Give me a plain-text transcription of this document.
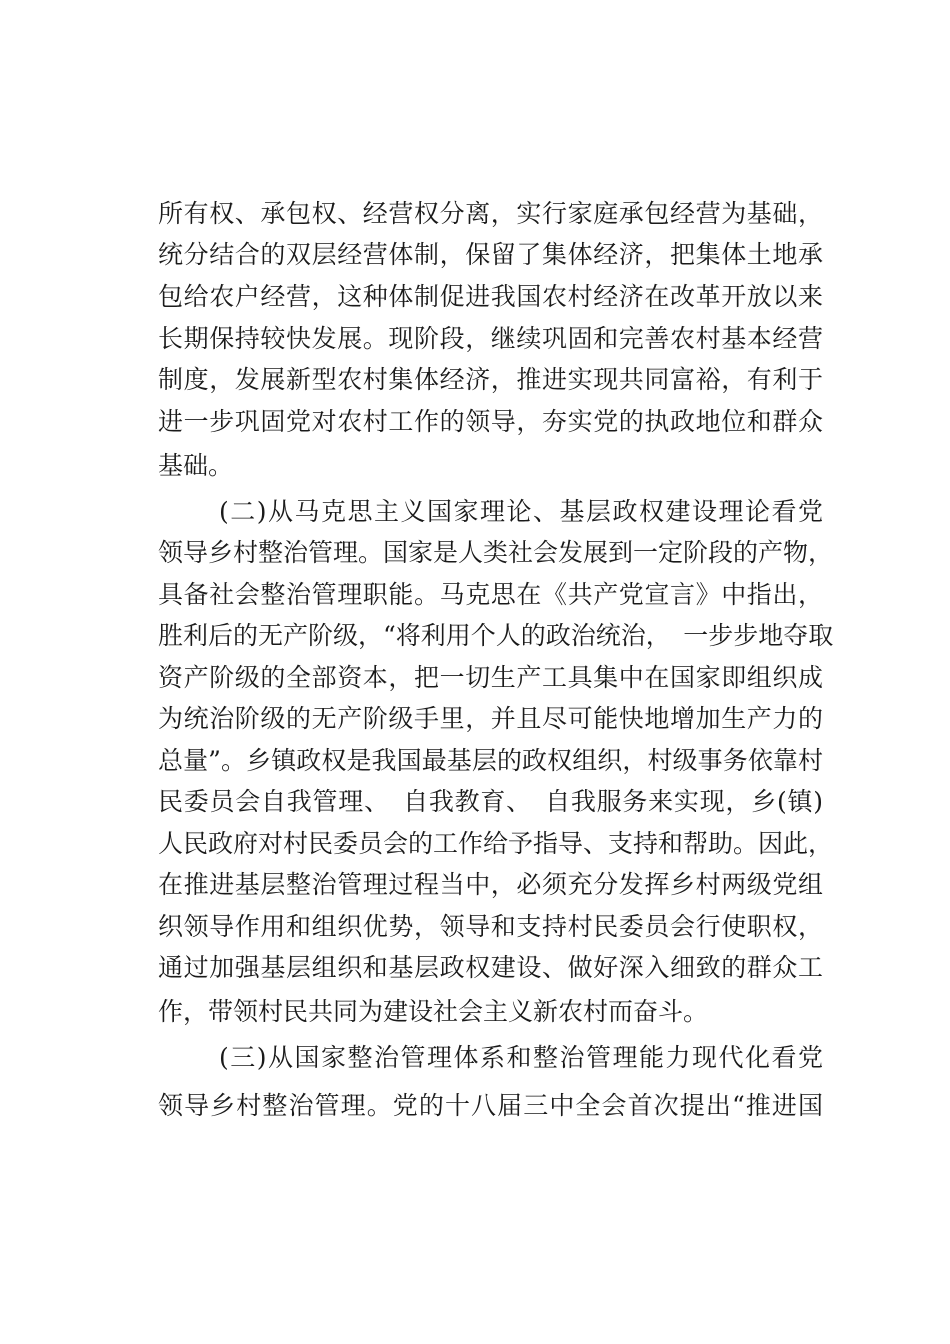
所有权、承包权、经营权分离，实行家庭承包经营为基础，
统分结合的双层经营体制，保留了集体经济，把集体土地承
包给农户经营，这种体制促进我国农村经济在改革开放以来
长期保持较快发展。现阶段，继续巩固和完善农村基本经营
制度，发展新型农村集体经济，推进实现共同富裕，有利于
进一步巩固党对农村工作的领导，夯实党的执政地位和群众
基础。
(二)从马克思主义国家理论、基层政权建设理论看党
领导乡村整治管理。国家是人类社会发展到一定阶段的产物，
具备社会整治管理职能。马克思在《共产党宣言》中指出，
胜利后的无产阶级，“将利用个人的政治统治，　一步步地夺取
资产阶级的全部资本，把一切生产工具集中在国家即组织成
为统治阶级的无产阶级手里，并且尽可能快地增加生产力的
总量”。乡镇政权是我国最基层的政权组织，村级事务依靠村
民委员会自我管理、　自我教育、　自我服务来实现，乡(镇)
人民政府对村民委员会的工作给予指导、支持和帮助。因此，
在推进基层整治管理过程当中，必须充分发挥乡村两级党组
织领导作用和组织优势，领导和支持村民委员会行使职权，
通过加强基层组织和基层政权建设、做好深入细致的群众工
作，带领村民共同为建设社会主义新农村而奋斗。
(三)从国家整治管理体系和整治管理能力现代化看党
领导乡村整治管理。党的十八届三中全会首次提出“推进国
